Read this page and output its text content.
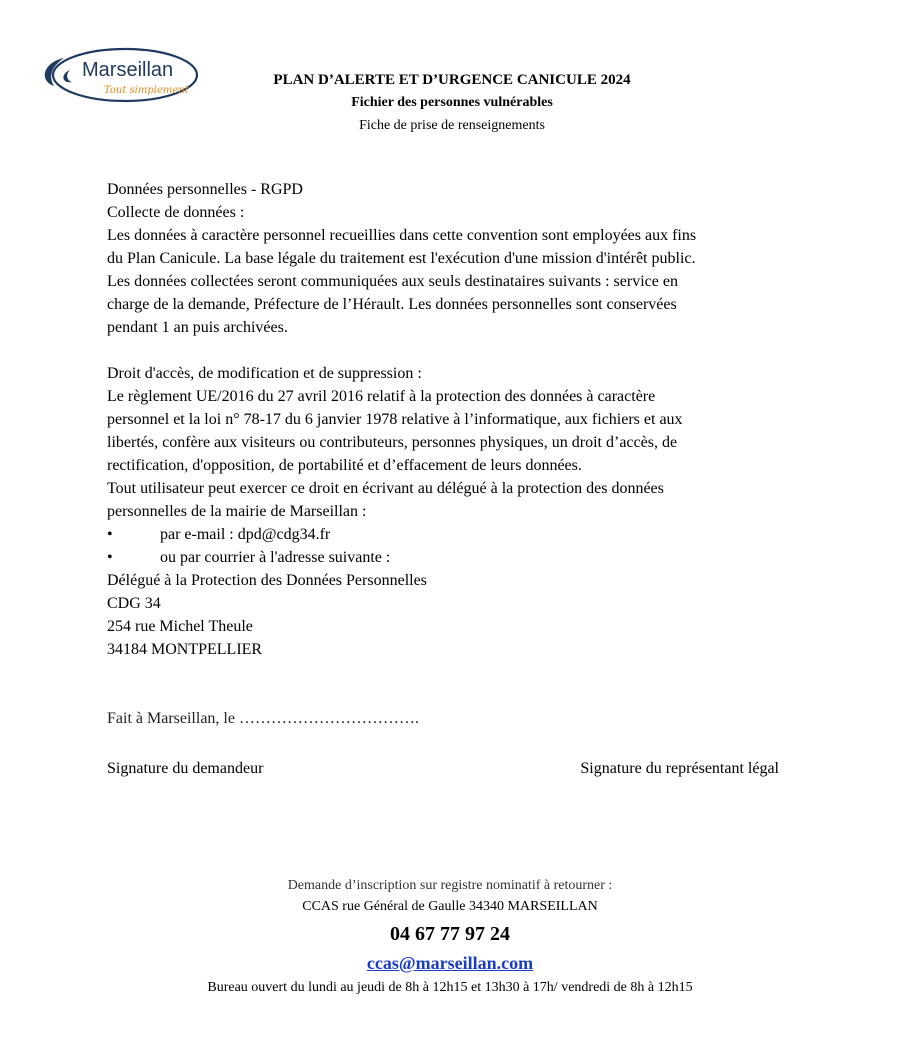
Marseillan
Tout simplement
PLAN D’ALERTE ET D’URGENCE CANICULE 2024
Fichier des personnes vulnérables
Fiche de prise de renseignements

Données personnelles - RGPD

Collecte de données :

Les données à caractère personnel recueillies dans cette convention sont employées aux fins

du Plan Canicule. La base légale du traitement est l'exécution d'une mission d'intérêt public.

Les données collectées seront communiquées aux seuls destinataires suivants : service en

charge de la demande, Préfecture de l’Hérault. Les données personnelles sont conservées

pendant 1 an puis archivées.

Droit d'accès, de modification et de suppression :

Le règlement UE/2016 du 27 avril 2016 relatif à la protection des données à caractère

personnel et la loi n° 78-17 du 6 janvier 1978 relative à l’informatique, aux fichiers et aux

libertés, confère aux visiteurs ou contributeurs, personnes physiques, un droit d’accès, de

rectification, d'opposition, de portabilité et d’effacement de leurs données.

Tout utilisateur peut exercer ce droit en écrivant au délégué à la protection des données

personnelles de la mairie de Marseillan :

•	par e-mail : dpd@cdg34.fr
•	ou par courrier à l'adresse suivante :

Délégué à la Protection des Données Personnelles

CDG 34

254 rue Michel Theule

34184 MONTPELLIER

Fait à Marseillan, le …………………………….
Signature du demandeur	Signature du représentant légal
Demande d’inscription sur registre nominatif à retourner :
CCAS rue Général de Gaulle 34340 MARSEILLAN
04 67 77 97 24
ccas@marseillan.com
Bureau ouvert du lundi au jeudi de 8h à 12h15 et 13h30 à 17h/ vendredi de 8h à 12h15
